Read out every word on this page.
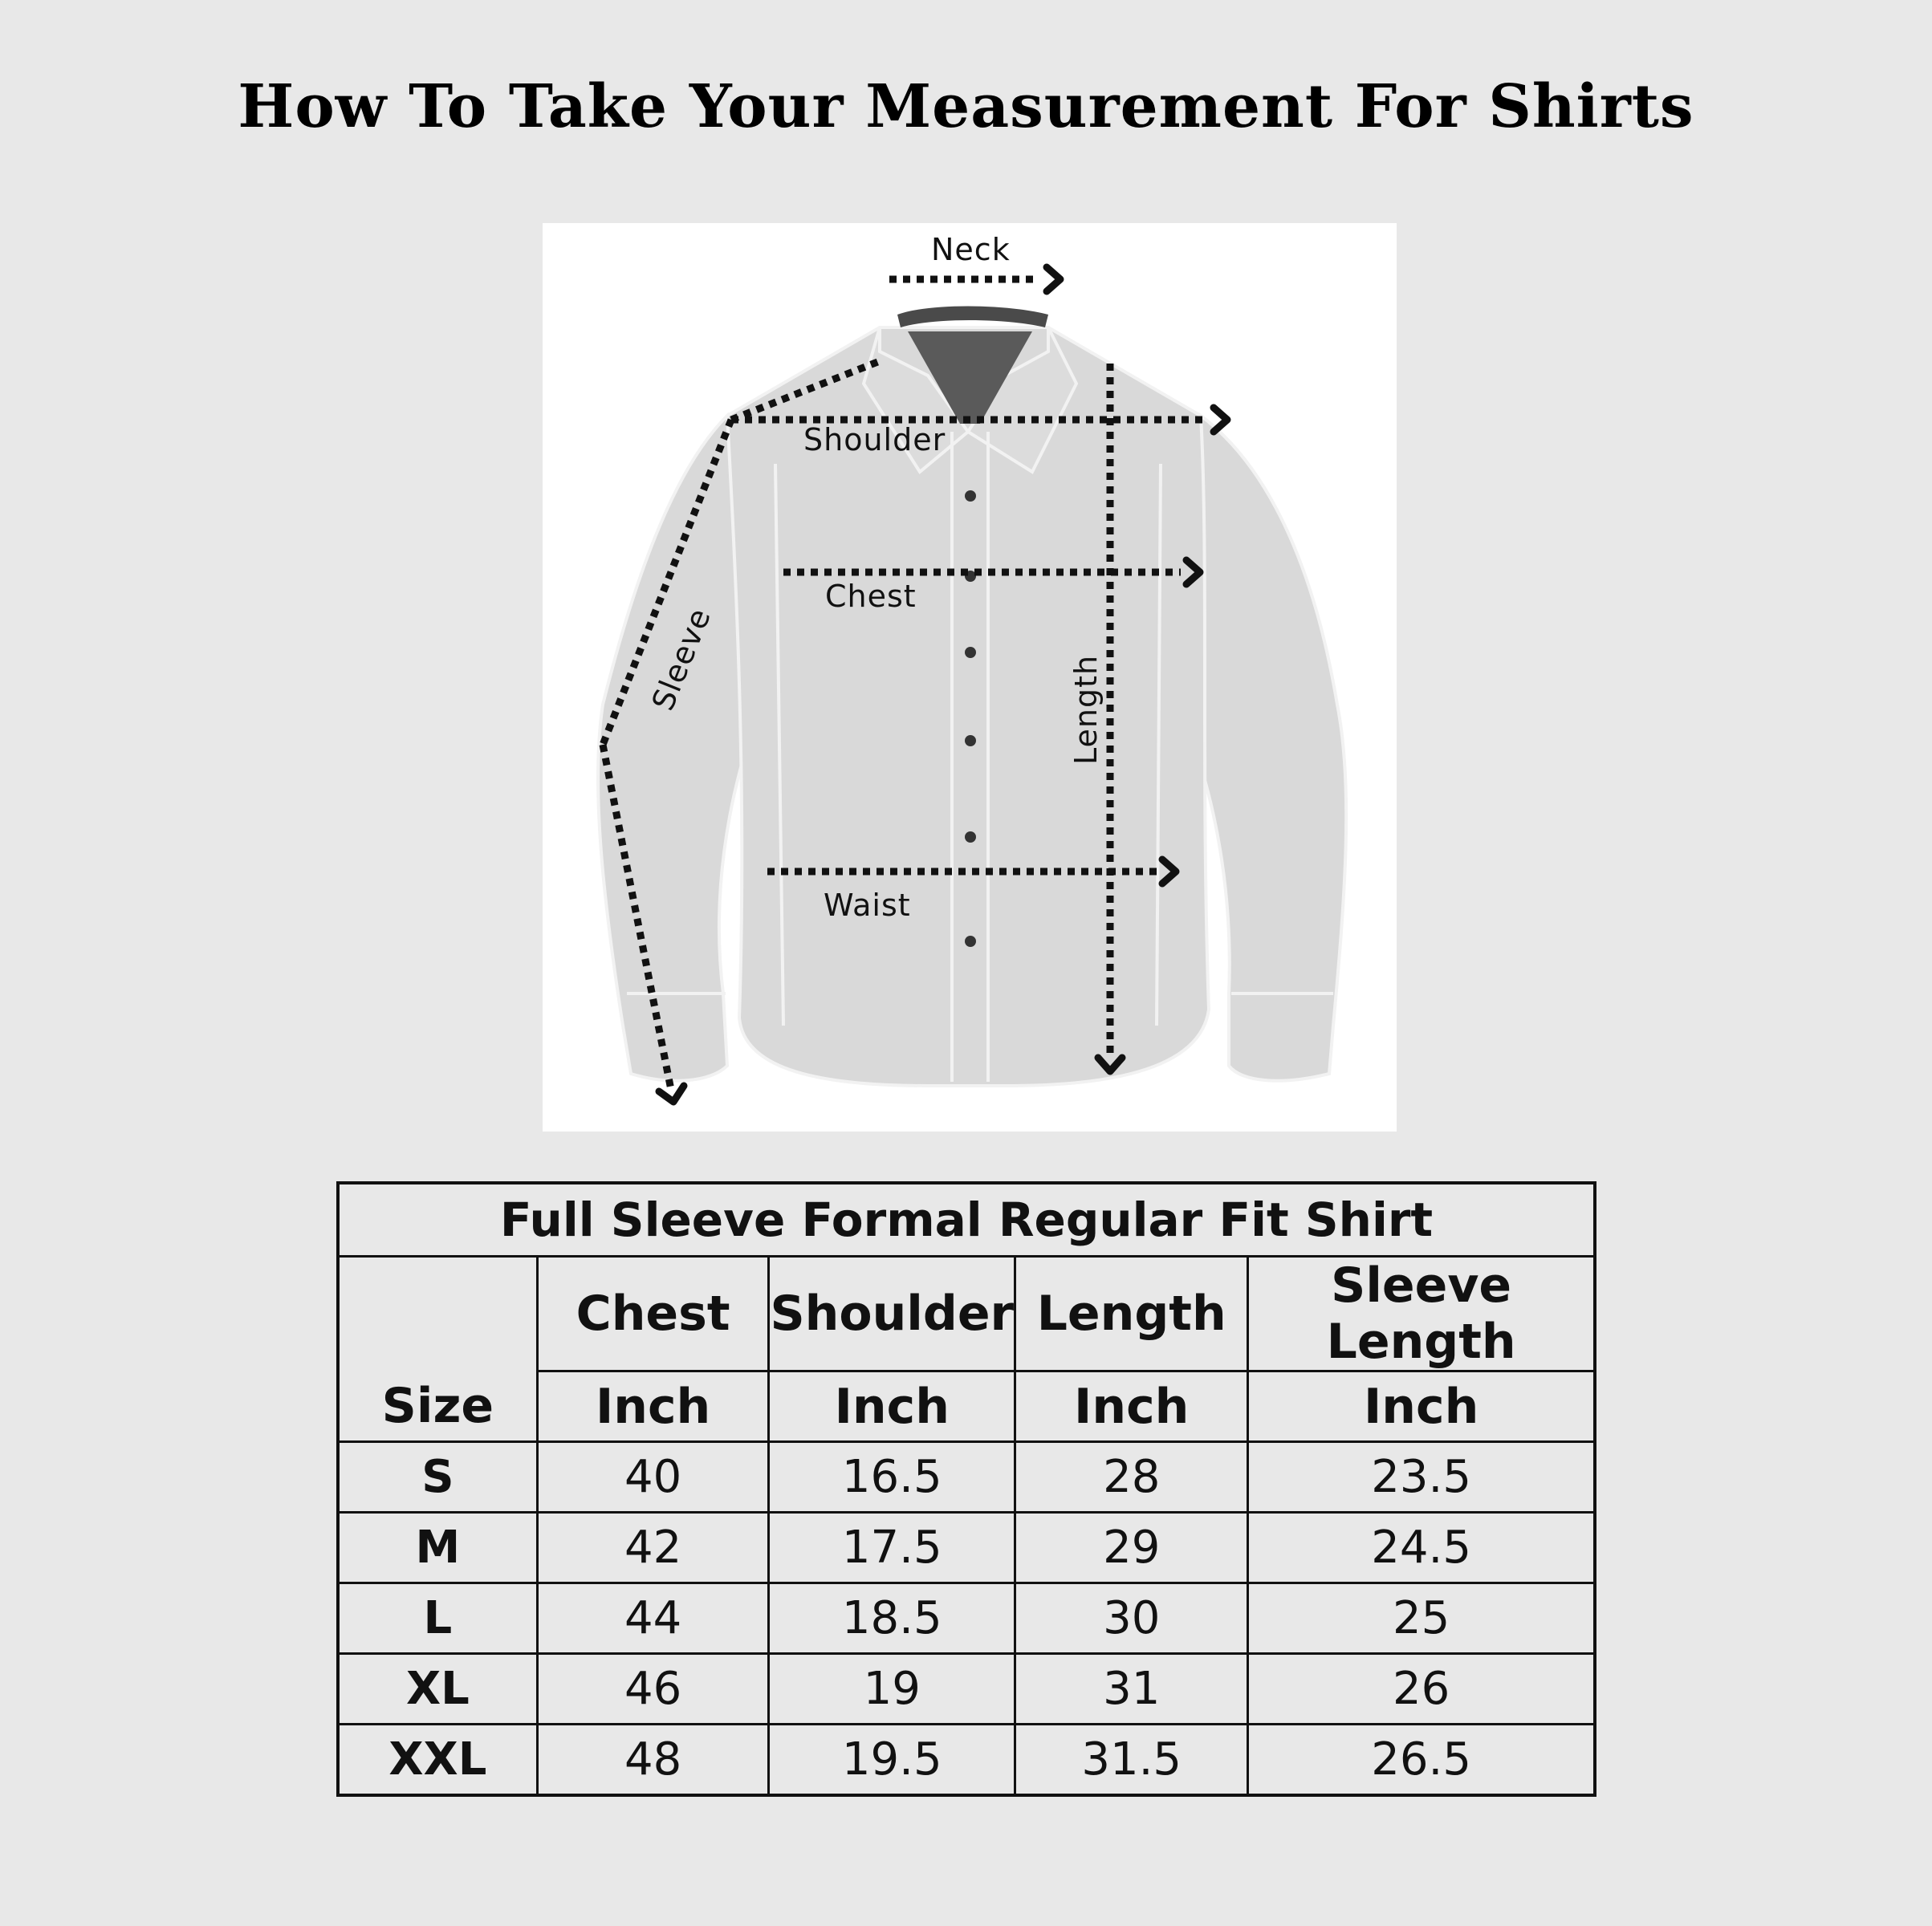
How To Take Your Measurement For Shirts
Neck
Shoulder
Chest
Waist
Sleeve	Length
Full Sleeve Formal Regular Fit Shirt				
Size	Chest	Shoulder	Length	Sleeve Length
	Inch	Inch	Inch	Inch
S	40	16.5	28	23.5
M	42	17.5	29	24.5
L	44	18.5	30	25
XL	46	19	31	26
XXL	48	19.5	31.5	26.5
